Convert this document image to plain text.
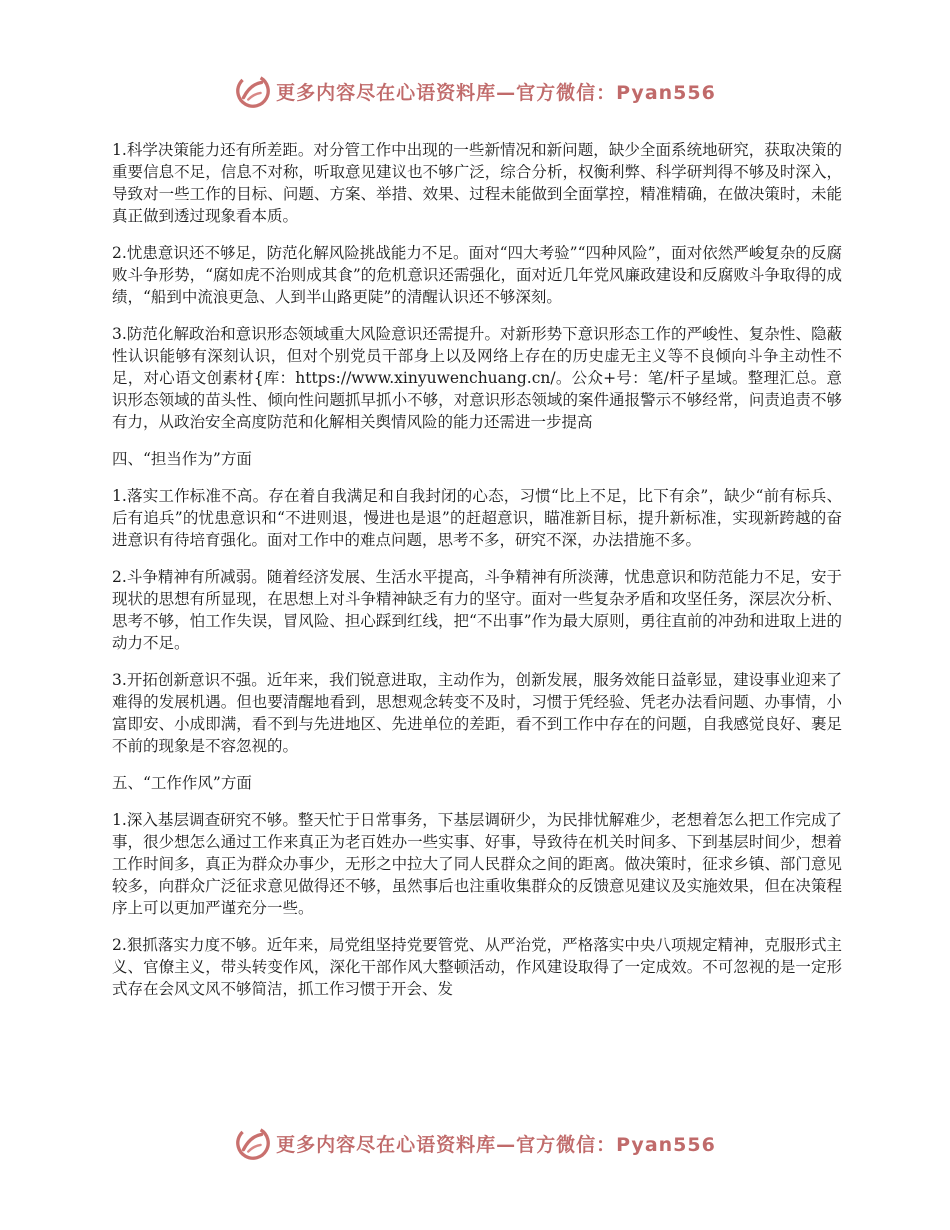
更多内容尽在心语资料库—官方微信：Pyan556

1.科学决策能力还有所差距。对分管工作中出现的一些新情况和新问题，缺少全面系统地研究，获取决策的重要信息不足，信息不对称，听取意见建议也不够广泛，综合分析，权衡利弊、科学研判得不够及时深入，导致对一些工作的目标、问题、方案、举措、效果、过程未能做到全面掌控，精准精确，在做决策时，未能真正做到透过现象看本质。

2.忧患意识还不够足，防范化解风险挑战能力不足。面对“四大考验”“四种风险”，面对依然严峻复杂的反腐败斗争形势，“腐如虎不治则成其食”的危机意识还需强化，面对近几年党风廉政建设和反腐败斗争取得的成绩，“船到中流浪更急、人到半山路更陡”的清醒认识还不够深刻。

3.防范化解政治和意识形态领域重大风险意识还需提升。对新形势下意识形态工作的严峻性、复杂性、隐蔽性认识能够有深刻认识，但对个别党员干部身上以及网络上存在的历史虚无主义等不良倾向斗争主动性不足，对心语文创素材{库：https://www.xinyuwenchuang.cn/。公众+号：笔/杆子星域。整理汇总。意识形态领域的苗头性、倾向性问题抓早抓小不够，对意识形态领域的案件通报警示不够经常，问责追责不够有力，从政治安全高度防范和化解相关舆情风险的能力还需进一步提高

四、“担当作为”方面

1.落实工作标准不高。存在着自我满足和自我封闭的心态，习惯“比上不足，比下有余”，缺少“前有标兵、后有追兵”的忧患意识和“不进则退，慢进也是退”的赶超意识，瞄准新目标，提升新标准，实现新跨越的奋进意识有待培育强化。面对工作中的难点问题，思考不多，研究不深，办法措施不多。

2.斗争精神有所减弱。随着经济发展、生活水平提高，斗争精神有所淡薄，忧患意识和防范能力不足，安于现状的思想有所显现，在思想上对斗争精神缺乏有力的坚守。面对一些复杂矛盾和攻坚任务，深层次分析、思考不够，怕工作失误，冒风险、担心踩到红线，把“不出事”作为最大原则，勇往直前的冲劲和进取上进的动力不足。

3.开拓创新意识不强。近年来，我们锐意进取，主动作为，创新发展，服务效能日益彰显，建设事业迎来了难得的发展机遇。但也要清醒地看到，思想观念转变不及时，习惯于凭经验、凭老办法看问题、办事情，小富即安、小成即满，看不到与先进地区、先进单位的差距，看不到工作中存在的问题，自我感觉良好、裹足不前的现象是不容忽视的。

五、“工作作风”方面

1.深入基层调查研究不够。整天忙于日常事务，下基层调研少，为民排忧解难少，老想着怎么把工作完成了事，很少想怎么通过工作来真正为老百姓办一些实事、好事，导致待在机关时间多、下到基层时间少，想着工作时间多，真正为群众办事少，无形之中拉大了同人民群众之间的距离。做决策时，征求乡镇、部门意见较多，向群众广泛征求意见做得还不够，虽然事后也注重收集群众的反馈意见建议及实施效果，但在决策程序上可以更加严谨充分一些。

2.狠抓落实力度不够。近年来，局党组坚持党要管党、从严治党，严格落实中央八项规定精神，克服形式主义、官僚主义，带头转变作风，深化干部作风大整顿活动，作风建设取得了一定成效。不可忽视的是一定形式存在会风文风不够简洁，抓工作习惯于开会、发

更多内容尽在心语资料库—官方微信：Pyan556
